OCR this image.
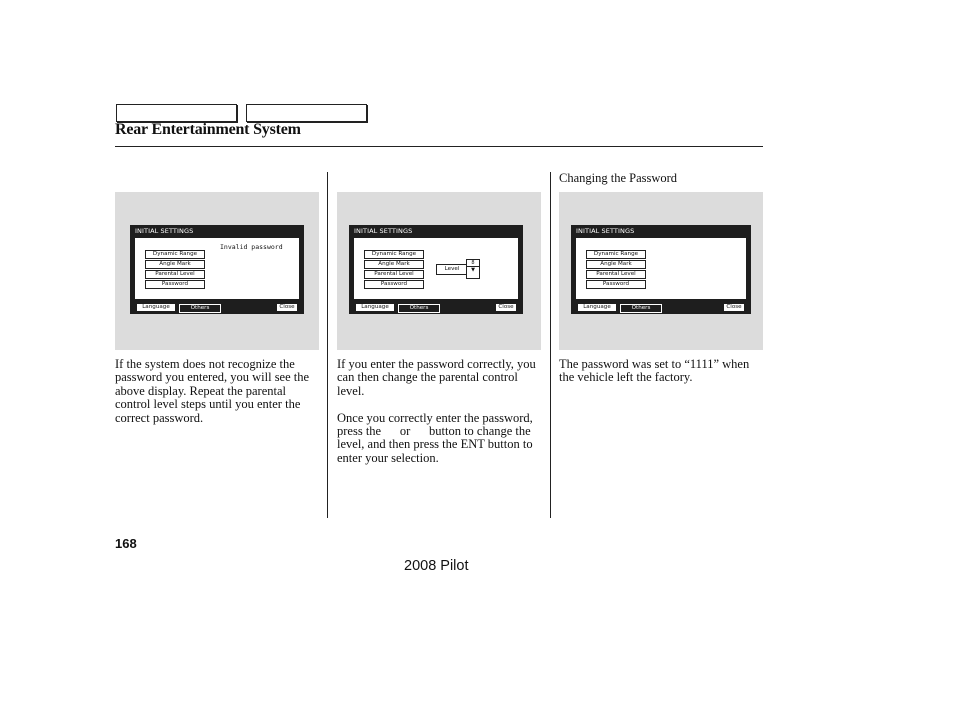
Rear Entertainment System
Changing the Password
INITIAL SETTINGS
Dynamic Range
Angle Mark
Parental Level
Password
Invalid password
Language	Others	Close
INITIAL SETTINGS
Dynamic Range
Angle Mark
Parental Level
Password
Level
8
▼
Language	Others	Close
INITIAL SETTINGS
Dynamic Range
Angle Mark
Parental Level
Password
Language	Others	Close

If the system does not recognize the password you entered, you will see the above display. Repeat the parental control level steps until you enter the correct password.

If you enter the password correctly, you can then change the parental control level.

Once you correctly enter the password, press the  or  button to change the level, and then press the ENT button to enter your selection.

The password was set to “1111” when the vehicle left the factory.

168
2008 Pilot
